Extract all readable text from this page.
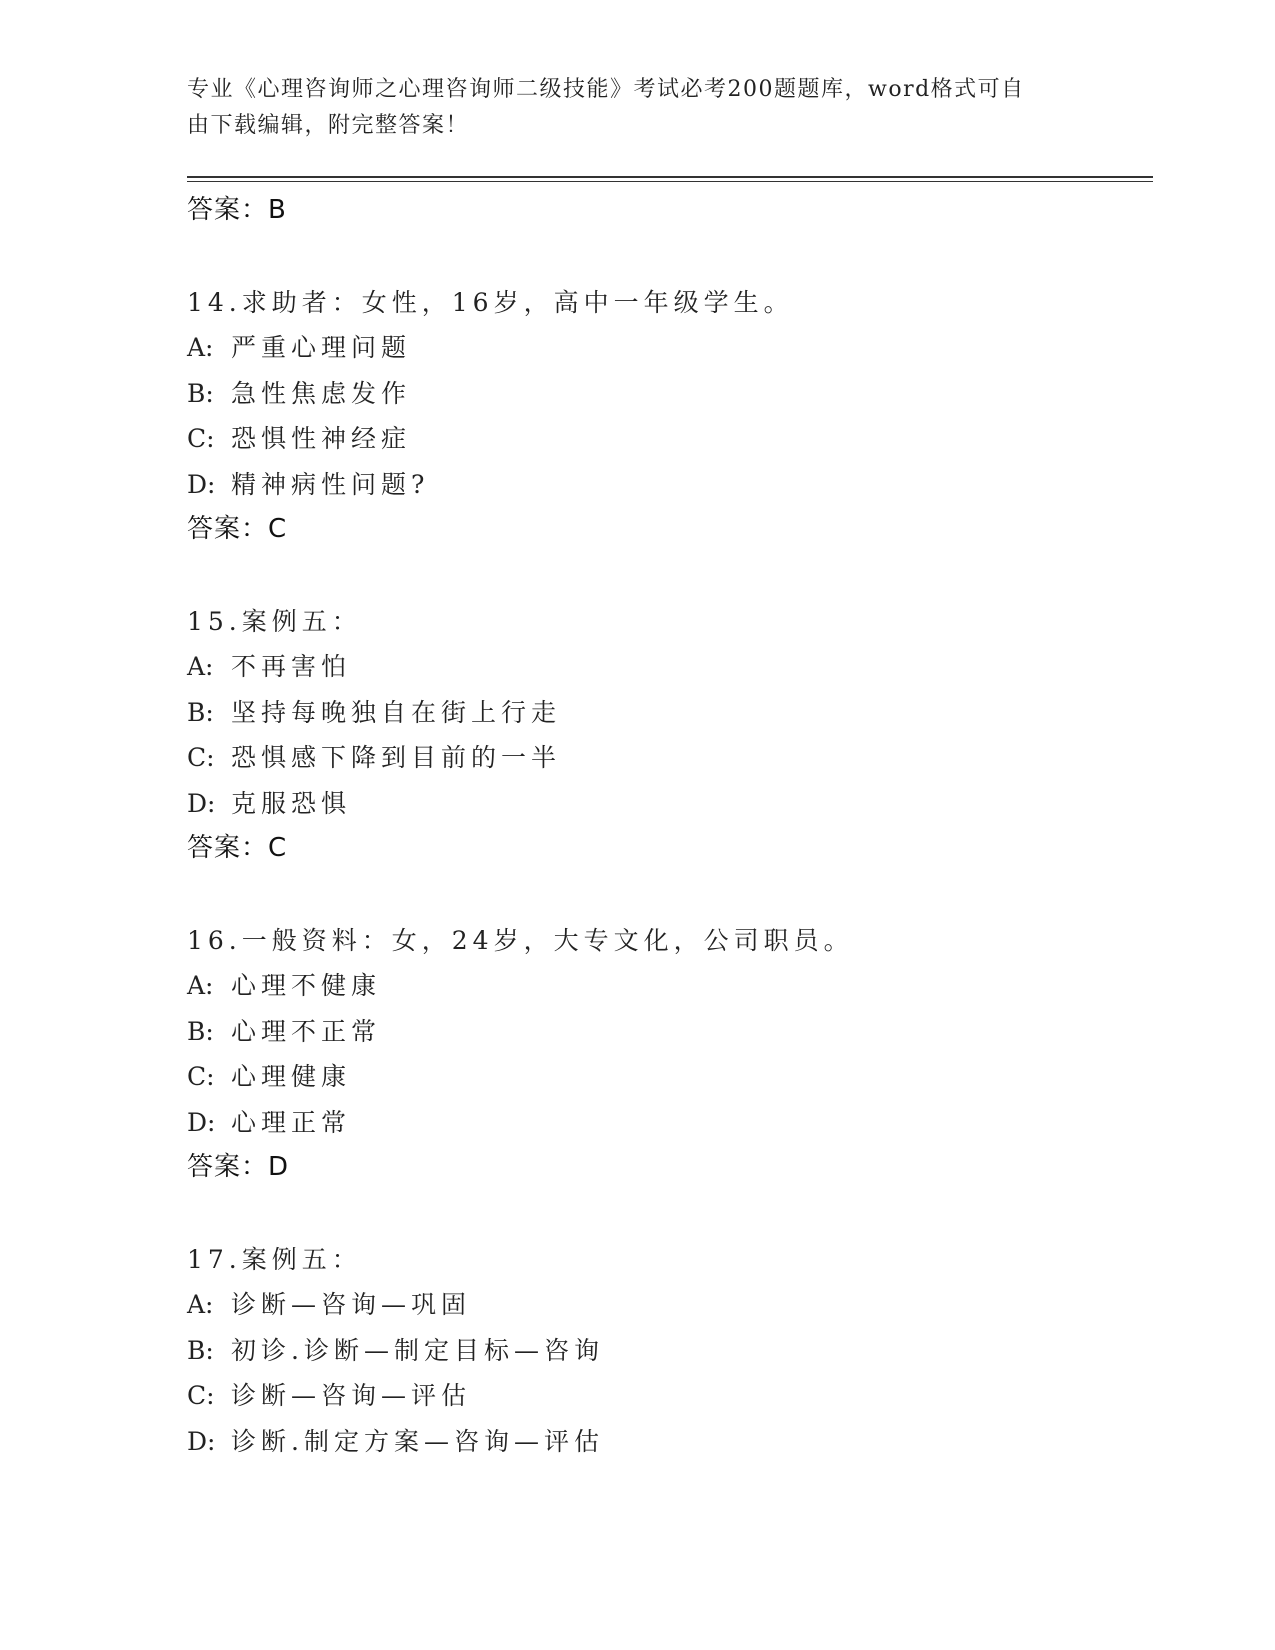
专业《心理咨询师之心理咨询师二级技能》考试必考200题题库，word格式可自
由下载编辑，附完整答案！
答案：B
14.求助者：女性，16岁，高中一年级学生。
A: 严重心理问题
B: 急性焦虑发作
C: 恐惧性神经症
D: 精神病性问题?
答案：C
15.案例五：
A: 不再害怕
B: 坚持每晚独自在街上行走
C: 恐惧感下降到目前的一半
D: 克服恐惧
答案：C
16.一般资料：女，24岁，大专文化，公司职员。
A: 心理不健康
B: 心理不正常
C: 心理健康
D: 心理正常
答案：D
17.案例五：
A: 诊断—咨询—巩固
B: 初诊.诊断—制定目标—咨询
C: 诊断—咨询—评估
D: 诊断.制定方案—咨询—评估
